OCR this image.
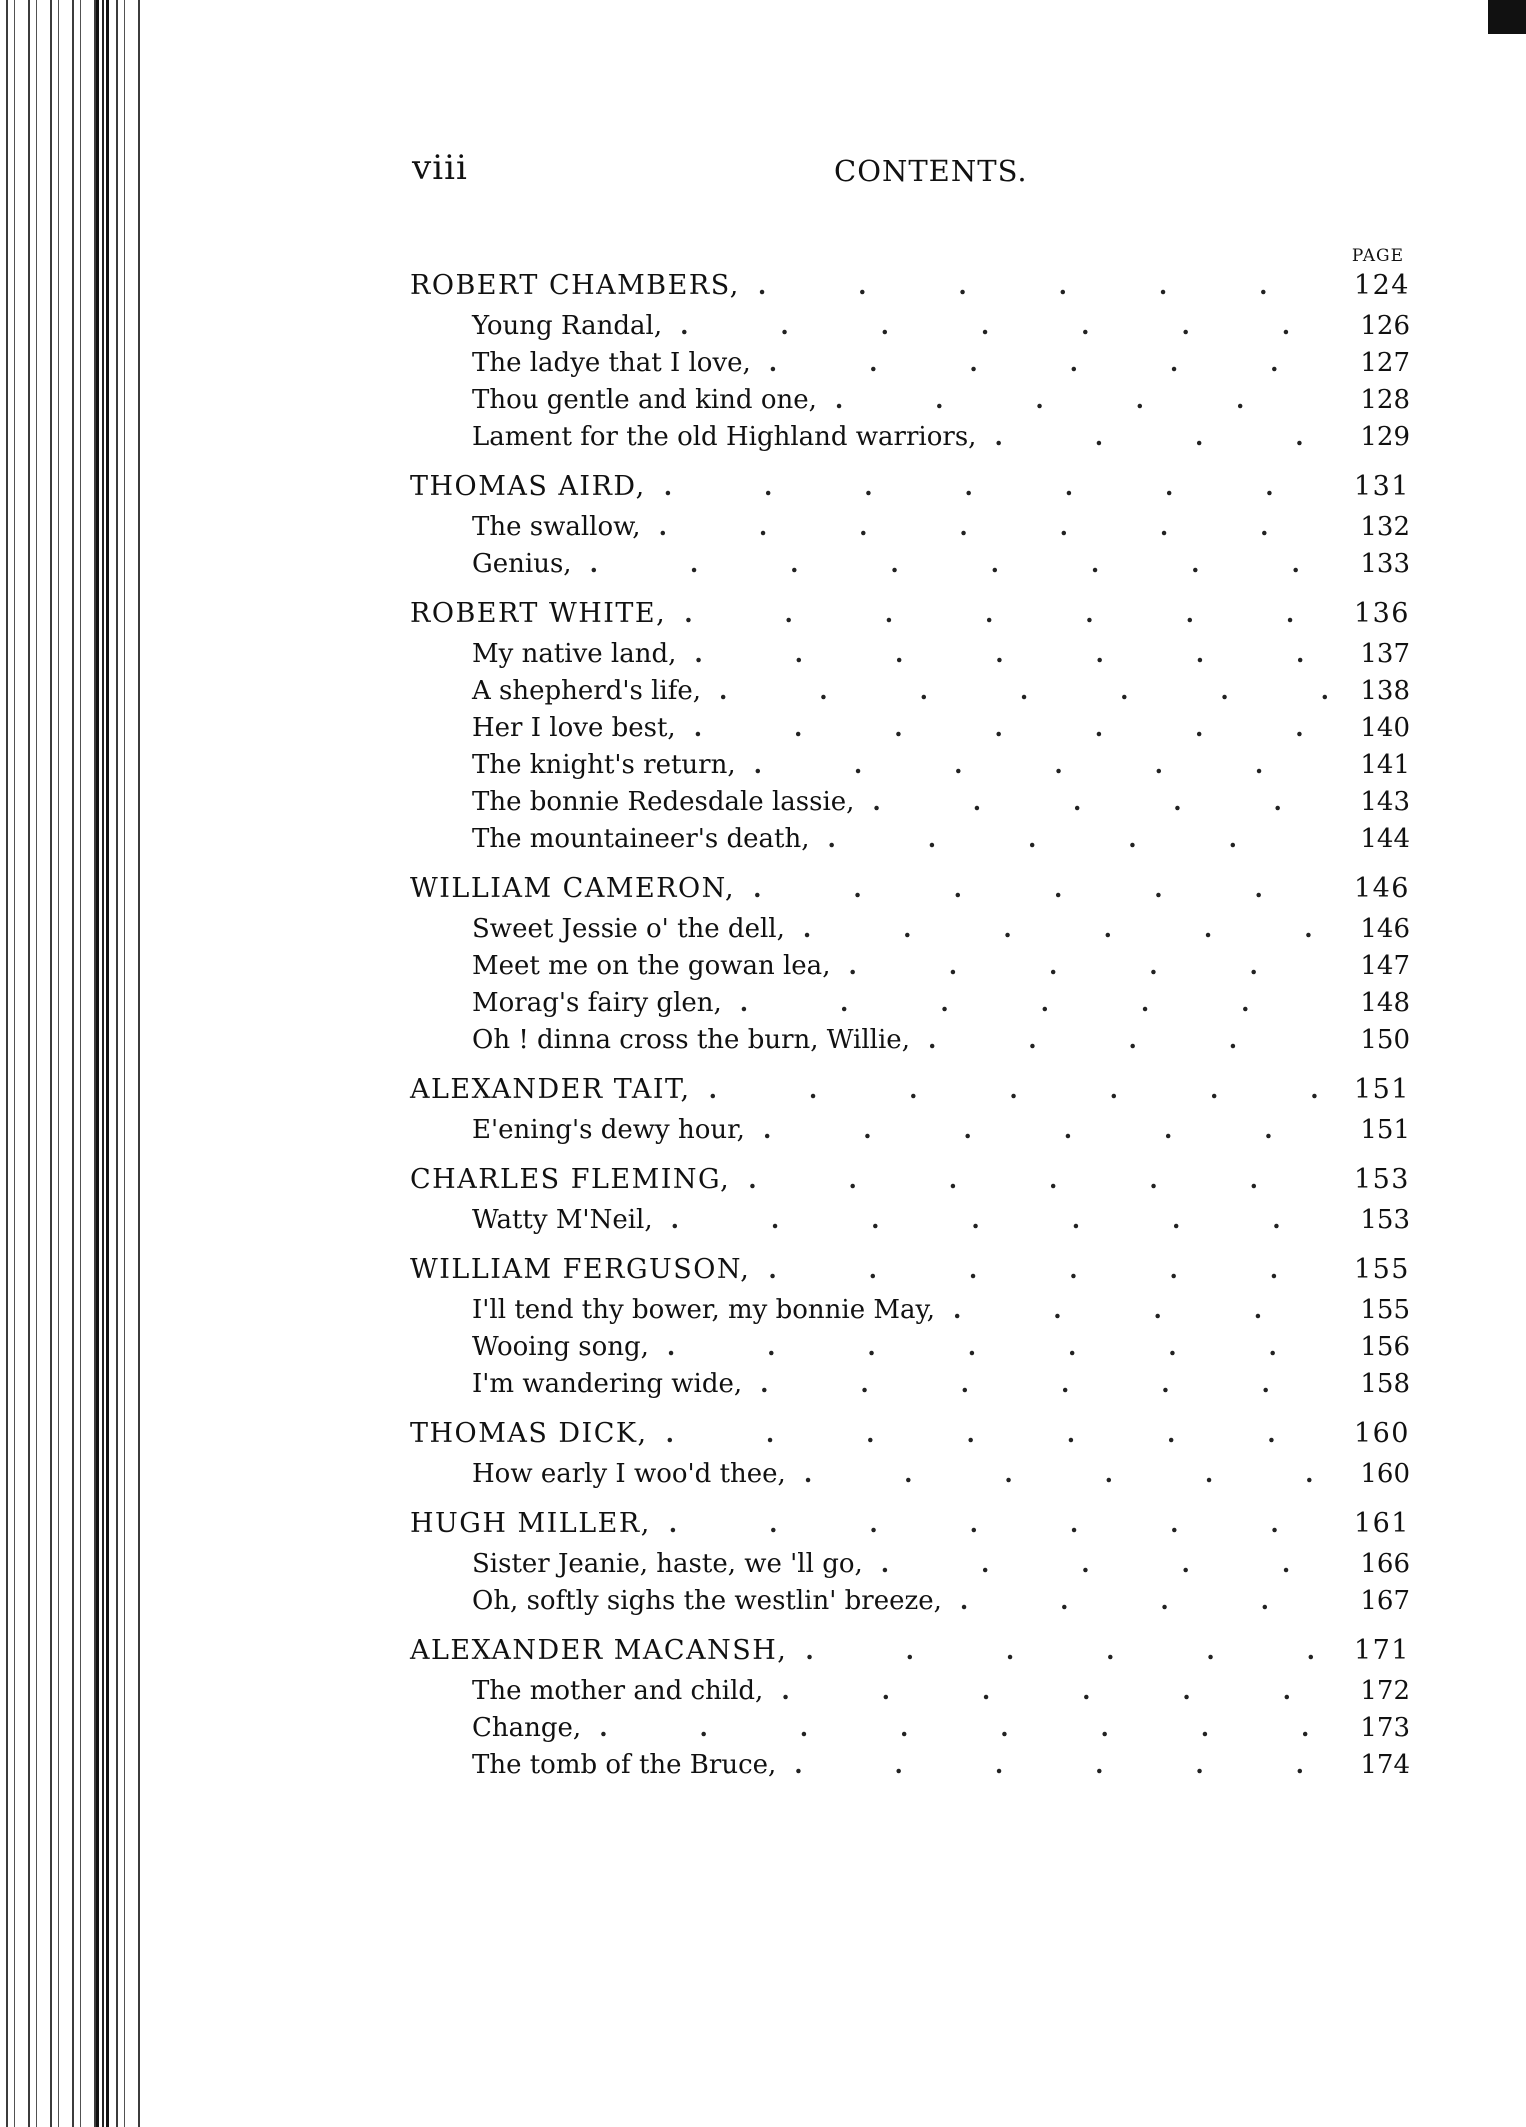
viii	CONTENTS.
PAGE
ROBERT CHAMBERS, .	124
Young Randal, .	126
The ladye that I love, .	127
Thou gentle and kind one, .	128
Lament for the old Highland warriors, .	129
THOMAS AIRD, .	131
The swallow, .	132
Genius, .	133
ROBERT WHITE, .	136
My native land, .	137
A shepherd's life, .	138
Her I love best, .	140
The knight's return, .	141
The bonnie Redesdale lassie, .	143
The mountaineer's death, .	144
WILLIAM CAMERON, .	146
Sweet Jessie o' the dell, .	146
Meet me on the gowan lea, .	147
Morag's fairy glen, .	148
Oh ! dinna cross the burn, Willie, .	150
ALEXANDER TAIT, .	151
E'ening's dewy hour, .	151
CHARLES FLEMING, .	153
Watty M'Neil, .	153
WILLIAM FERGUSON, .	155
I'll tend thy bower, my bonnie May, .	155
Wooing song, .	156
I'm wandering wide, .	158
THOMAS DICK, .	160
How early I woo'd thee, .	160
HUGH MILLER, .	161
Sister Jeanie, haste, we 'll go, .	166
Oh, softly sighs the westlin' breeze, .	167
ALEXANDER MACANSH, .	171
The mother and child, .	172
Change, .	173
The tomb of the Bruce, .	174
